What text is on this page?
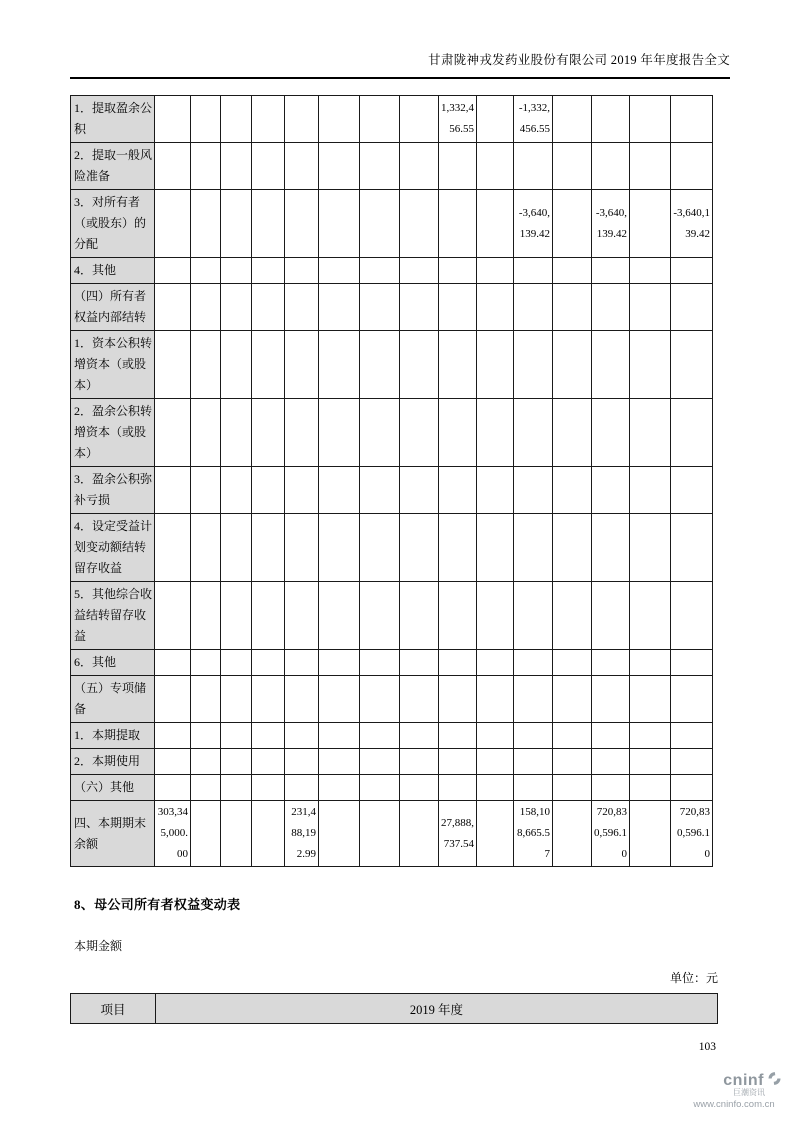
甘肃陇神戎发药业股份有限公司 2019 年年度报告全文
1．提取盈余公积									1,332,456.55		-1,332,456.55				
2．提取一般风险准备															
3．对所有者（或股东）的分配											-3,640,139.42		-3,640,139.42		-3,640,139.42
4．其他															
（四）所有者权益内部结转															
1．资本公积转增资本（或股本）															
2．盈余公积转增资本（或股本）															
3．盈余公积弥补亏损															
4．设定受益计划变动额结转留存收益															
5．其他综合收益结转留存收益															
6．其他															
（五）专项储备															
1．本期提取															
2．本期使用															
（六）其他															
四、本期期末余额	303,345,000.00				231,488,192.99				27,888,737.54		158,108,665.57		720,830,596.10		720,830,596.10
8、母公司所有者权益变动表
本期金额
单位：元
项目	2019 年度
103
cninf
巨潮资讯
www.cninfo.com.cn
